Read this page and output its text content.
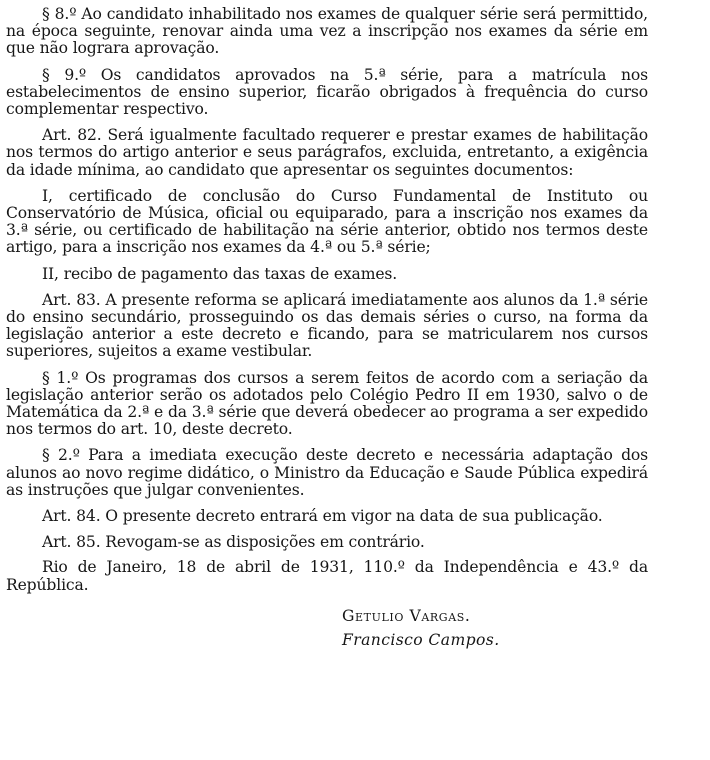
§ 8.º Ao candidato inhabilitado nos exames de qualquer série será permittido, na época seguinte, renovar ainda uma vez a inscripção nos exames da série em que não lograra aprovação.

§ 9.º Os candidatos aprovados na 5.ª série, para a matrícula nos estabelecimentos de ensino superior, ficarão obrigados à frequência do curso complementar respectivo.

Art. 82. Será igualmente facultado requerer e prestar exames de habilitação nos termos do artigo anterior e seus parágrafos, excluida, entretanto, a exigência da idade mínima, ao candidato que apresentar os seguintes documentos:

I, certificado de conclusão do Curso Fundamental de Instituto ou Conservatório de Música, oficial ou equiparado, para a inscrição nos exames da 3.ª série, ou certificado de habilitação na série anterior, obtido nos termos deste artigo, para a inscrição nos exames da 4.ª ou 5.ª série;

II, recibo de pagamento das taxas de exames.

Art. 83. A presente reforma se aplicará imediatamente aos alunos da 1.ª série do ensino secundário, prosseguindo os das demais séries o curso, na forma da legislação anterior a este decreto e ficando, para se matricularem nos cursos superiores, sujeitos a exame vestibular.

§ 1.º Os programas dos cursos a serem feitos de acordo com a seriação da legislação anterior serão os adotados pelo Colégio Pedro II em 1930, salvo o de Matemática da 2.ª e da 3.ª série que deverá obedecer ao programa a ser expedido nos termos do art. 10, deste decreto.

§ 2.º Para a imediata execução deste decreto e necessária adaptação dos alunos ao novo regime didático, o Ministro da Educação e Saude Pública expedirá as instruções que julgar convenientes.

Art. 84. O presente decreto entrará em vigor na data de sua publicação.

Art. 85. Revogam-se as disposições em contrário.

Rio de Janeiro, 18 de abril de 1931, 110.º da Independência e 43.º da República.

Getulio Vargas.
Francisco Campos.
